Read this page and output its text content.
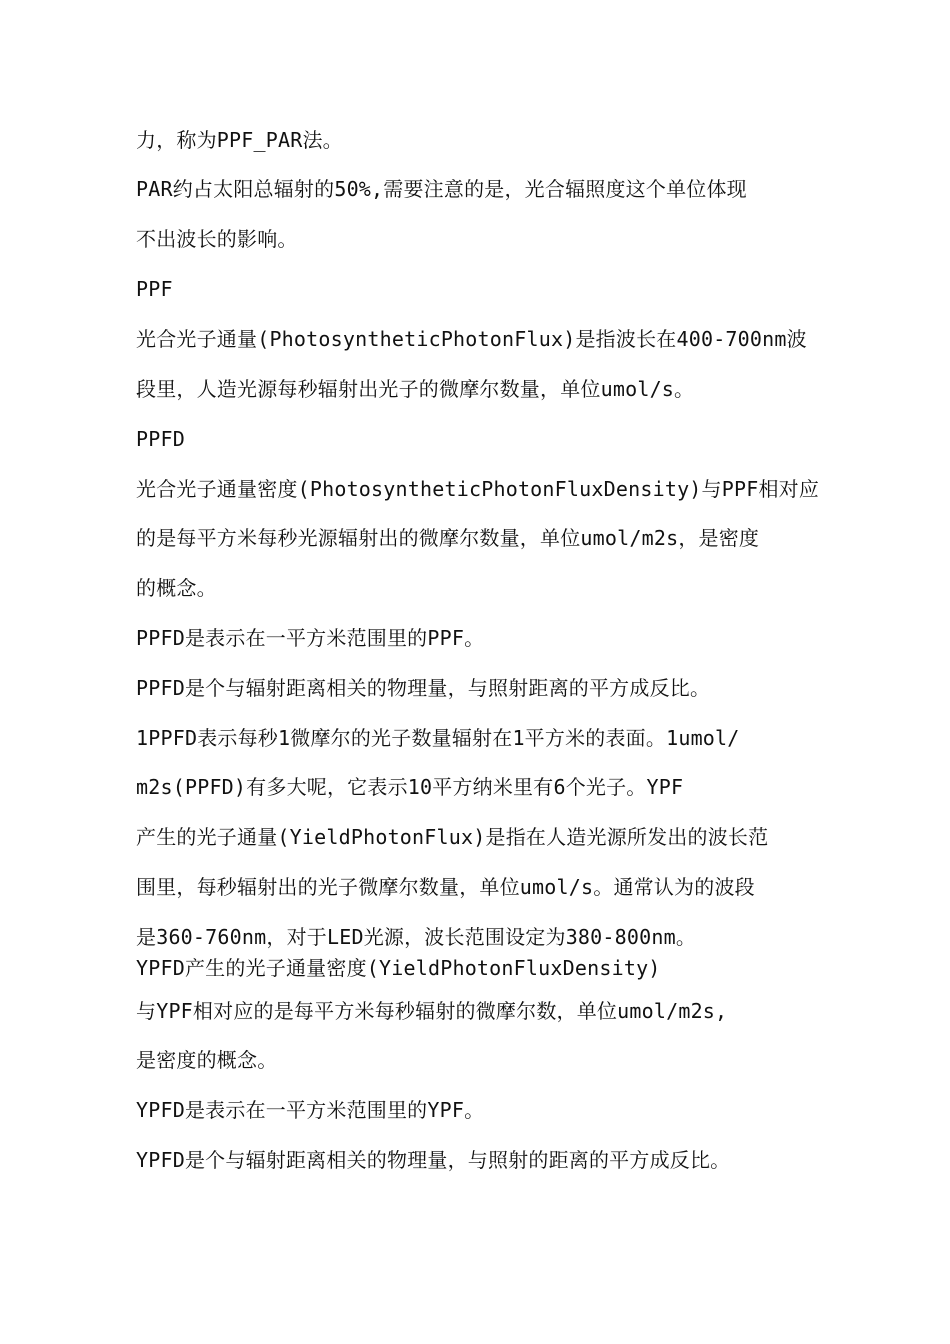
力，称为PPF_PAR法。
PAR约占太阳总辐射的50%,需要注意的是，光合辐照度这个单位体现
不出波长的影响。
PPF
光合光子通量(PhotosyntheticPhotonFlux)是指波长在400-700nm波
段里，人造光源每秒辐射出光子的微摩尔数量，单位umol/s。
PPFD
光合光子通量密度(PhotosyntheticPhotonFluxDensity)与PPF相对应
的是每平方米每秒光源辐射出的微摩尔数量，单位umol/m2s，是密度
的概念。
PPFD是表示在一平方米范围里的PPF。
PPFD是个与辐射距离相关的物理量，与照射距离的平方成反比。
1PPFD表示每秒1微摩尔的光子数量辐射在1平方米的表面。1umol/
m2s(PPFD)有多大呢，它表示10平方纳米里有6个光子。YPF
产生的光子通量(YieldPhotonFlux)是指在人造光源所发出的波长范
围里，每秒辐射出的光子微摩尔数量，单位umol/s。通常认为的波段
是360-760nm，对于LED光源，波长范围设定为380-800nm。
YPFD产生的光子通量密度(YieldPhotonFluxDensity)
与YPF相对应的是每平方米每秒辐射的微摩尔数，单位umol/m2s,
是密度的概念。
YPFD是表示在一平方米范围里的YPF。
YPFD是个与辐射距离相关的物理量，与照射的距离的平方成反比。
